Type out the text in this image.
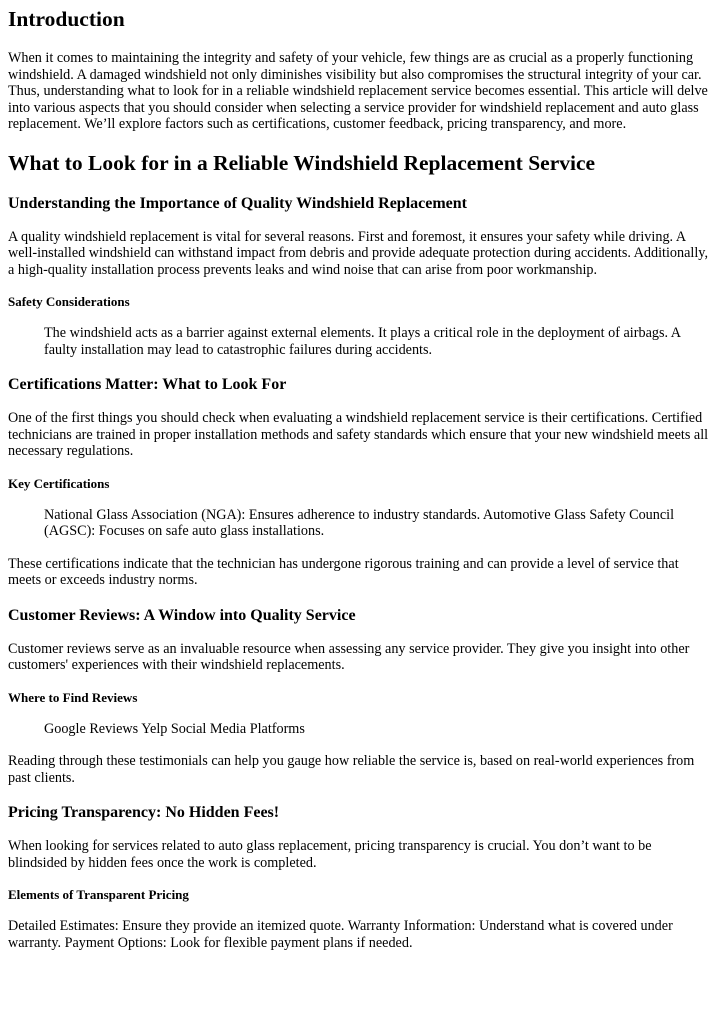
Introduction

When it comes to maintaining the integrity and safety of your vehicle, few things are as crucial as a properly functioning windshield. A damaged windshield not only diminishes visibility but also compromises the structural integrity of your car. Thus, understanding what to look for in a reliable windshield replacement service becomes essential. This article will delve into various aspects that you should consider when selecting a service provider for windshield replacement and auto glass replacement. We’ll explore factors such as certifications, customer feedback, pricing transparency, and more.

What to Look for in a Reliable Windshield Replacement Service
Understanding the Importance of Quality Windshield Replacement

A quality windshield replacement is vital for several reasons. First and foremost, it ensures your safety while driving. A well-installed windshield can withstand impact from debris and provide adequate protection during accidents. Additionally, a high-quality installation process prevents leaks and wind noise that can arise from poor workmanship.

Safety Considerations

The windshield acts as a barrier against external elements. It plays a critical role in the deployment of airbags. A faulty installation may lead to catastrophic failures during accidents.

Certifications Matter: What to Look For

One of the first things you should check when evaluating a windshield replacement service is their certifications. Certified technicians are trained in proper installation methods and safety standards which ensure that your new windshield meets all necessary regulations.

Key Certifications

National Glass Association (NGA): Ensures adherence to industry standards. Automotive Glass Safety Council (AGSC): Focuses on safe auto glass installations.

These certifications indicate that the technician has undergone rigorous training and can provide a level of service that meets or exceeds industry norms.

Customer Reviews: A Window into Quality Service

Customer reviews serve as an invaluable resource when assessing any service provider. They give you insight into other customers' experiences with their windshield replacements.

Where to Find Reviews

Google Reviews Yelp Social Media Platforms

Reading through these testimonials can help you gauge how reliable the service is, based on real-world experiences from past clients.

Pricing Transparency: No Hidden Fees!

When looking for services related to auto glass replacement, pricing transparency is crucial. You don’t want to be blindsided by hidden fees once the work is completed.

Elements of Transparent Pricing

Detailed Estimates: Ensure they provide an itemized quote. Warranty Information: Understand what is covered under warranty. Payment Options: Look for flexible payment plans if needed.
